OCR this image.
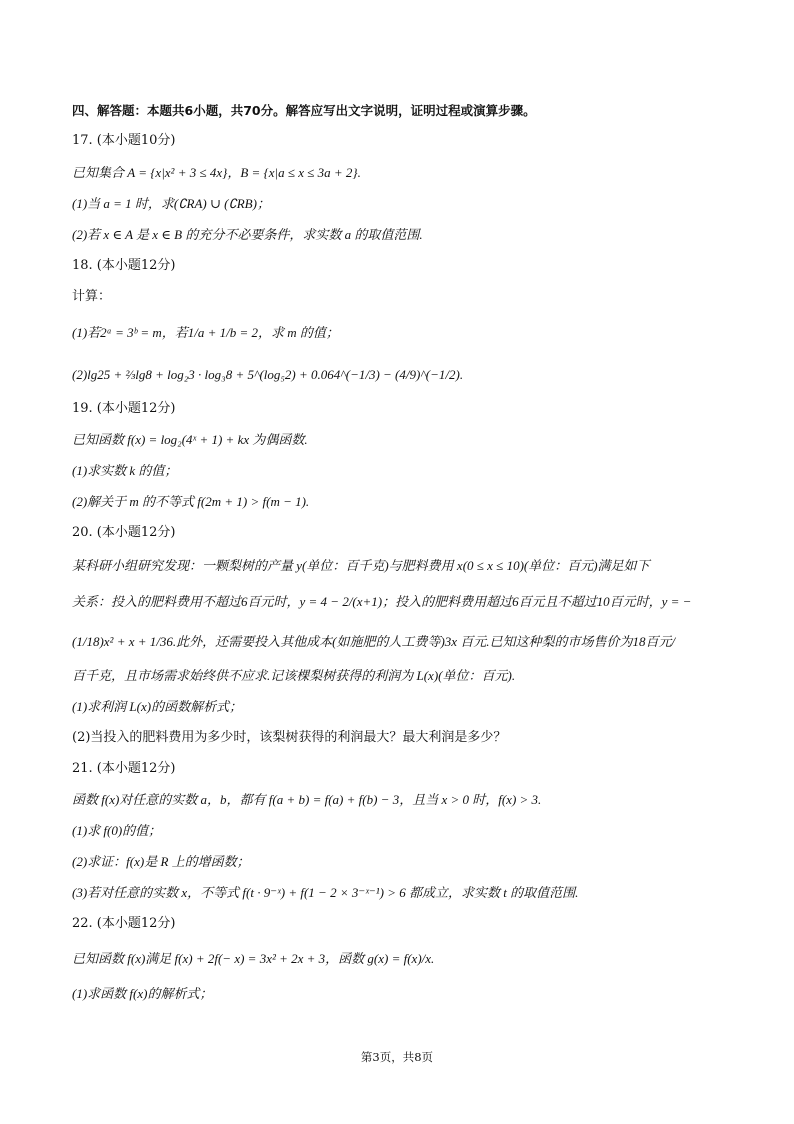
四、解答题：本题共6小题，共70分。解答应写出文字说明，证明过程或演算步骤。
17. (本小题10分)
已知集合 A = {x|x² + 3 ≤ 4x}，B = {x|a ≤ x ≤ 3a + 2}.
(1)当 a = 1 时，求(∁RA) ∪ (∁RB)；
(2)若 x ∈ A 是 x ∈ B 的充分不必要条件，求实数 a 的取值范围.
18. (本小题12分)
计算：
(1)若2ᵃ = 3ᵇ = m，若1/a + 1/b = 2，求 m 的值；
(2)lg25 + ⅔lg8 + log₂3 · log₃8 + 5^(log₅2) + 0.064^(−1/3) − (4/9)^(−1/2).
19. (本小题12分)
已知函数 f(x) = log₂(4ˣ + 1) + kx 为偶函数.
(1)求实数 k 的值；
(2)解关于 m 的不等式 f(2m + 1) > f(m − 1).
20. (本小题12分)
某科研小组研究发现：一颗梨树的产量 y(单位：百千克)与肥料费用 x(0 ≤ x ≤ 10)(单位：百元)满足如下
关系：投入的肥料费用不超过6百元时，y = 4 − 2/(x+1)；投入的肥料费用超过6百元且不超过10百元时，y = −
(1/18)x² + x + 1/36.此外，还需要投入其他成本(如施肥的人工费等)3x 百元.已知这种梨的市场售价为18百元/
百千克，且市场需求始终供不应求.记该棵梨树获得的利润为 L(x)(单位：百元).
(1)求利润 L(x)的函数解析式；
(2)当投入的肥料费用为多少时，该梨树获得的利润最大？最大利润是多少？
21. (本小题12分)
函数 f(x)对任意的实数 a，b，都有 f(a + b) = f(a) + f(b) − 3，且当 x > 0 时，f(x) > 3.
(1)求 f(0)的值；
(2)求证：f(x)是 R 上的增函数；
(3)若对任意的实数 x，不等式 f(t · 9⁻ˣ) + f(1 − 2 × 3⁻ˣ⁻¹) > 6 都成立，求实数 t 的取值范围.
22. (本小题12分)
已知函数 f(x)满足 f(x) + 2f(− x) = 3x² + 2x + 3，函数 g(x) = f(x)/x.
(1)求函数 f(x)的解析式；
第3页，共8页
